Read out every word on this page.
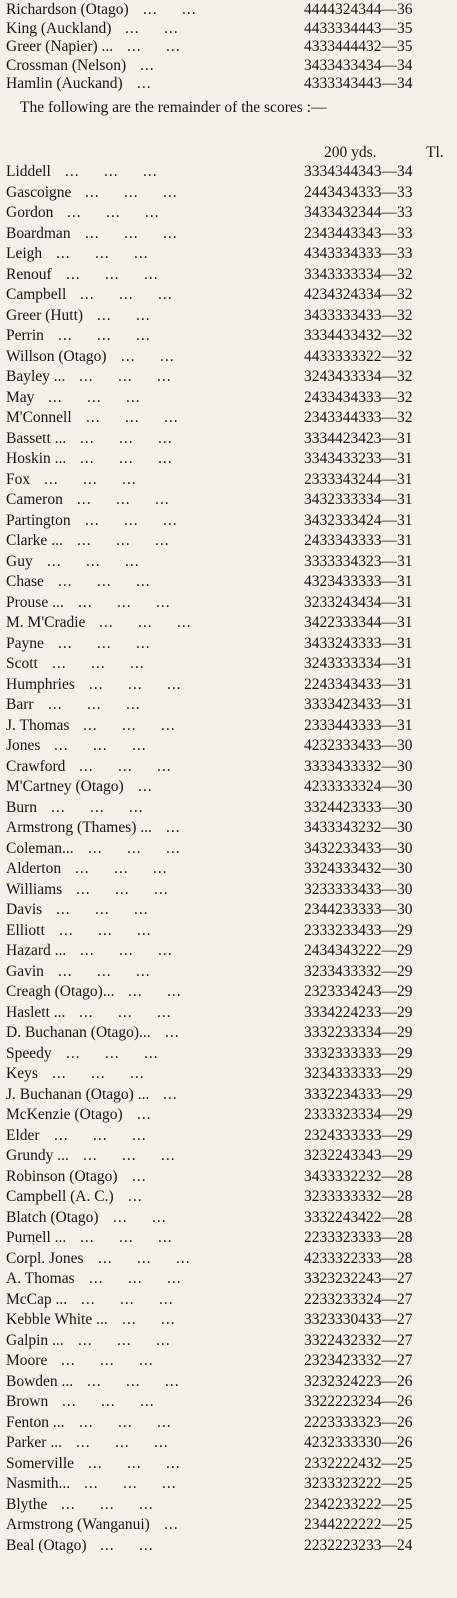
Richardson (Otago) ...     ...	4444324344—36
King (Auckland) ...     ...	4433334443—35
Greer (Napier) ... ...     ...	4333444432—35
Crossman (Nelson) ...	3433433434—34
Hamlin (Auckand) ...	4333343443—34
The following are the remainder of the scores :—
200 yds.	Tl.
Liddell ...     ...     ...	3334344343—34
Gascoigne ...     ...     ...	2443434333—33
Gordon ...     ...     ...	3433432344—33
Boardman ...     ...     ...	2343443343—33
Leigh ...     ...     ...	4343334333—33
Renouf ...     ...     ...	3343333334—32
Campbell ...     ...     ...	4234324334—32
Greer (Hutt) ...     ...	3433333433—32
Perrin ...     ...     ...	3334433432—32
Willson (Otago) ...     ...	4433333322—32
Bayley ... ...     ...     ...	3243433334—32
May ...     ...     ...	2433434333—32
M'Connell ...     ...     ...	2343344333—32
Bassett ... ...     ...     ...	3334423423—31
Hoskin ... ...     ...     ...	3343433233—31
Fox ...     ...     ...	2333343244—31
Cameron ...     ...     ...	3432333334—31
Partington ...     ...     ...	3432333424—31
Clarke ... ...     ...     ...	2433343333—31
Guy ...     ...     ...	3333334323—31
Chase ...     ...     ...	4323433333—31
Prouse ... ...     ...     ...	3233243434—31
M. M'Cradie ...     ...     ...	3422333344—31
Payne ...     ...     ...	3433243333—31
Scott ...     ...     ...	3243333334—31
Humphries ...     ...     ...	2243343433—31
Barr ...     ...     ...	3333423433—31
J. Thomas ...     ...     ...	2333443333—31
Jones ...     ...     ...	4232333433—30
Crawford ...     ...     ...	3333433332—30
M'Cartney (Otago) ...	4233333324—30
Burn ...     ...     ...	3324423333—30
Armstrong (Thames) ... ...	3433343232—30
Coleman... ...     ...     ...	3432233433—30
Alderton ...     ...     ...	3324333432—30
Williams ...     ...     ...	3233333433—30
Davis ...     ...     ...	2344233333—30
Elliott ...     ...     ...	2333233433—29
Hazard ... ...     ...     ...	2434343222—29
Gavin ...     ...     ...	3233433332—29
Creagh (Otago)... ...     ...	2323334243—29
Haslett ... ...     ...     ...	3334224233—29
D. Buchanan (Otago)... ...	3332233334—29
Speedy ...     ...     ...	3332333333—29
Keys ...     ...     ...	3234333333—29
J. Buchanan (Otago) ... ...	3332234333—29
McKenzie (Otago) ...	2333323334—29
Elder ...     ...     ...	2324333333—29
Grundy ... ...     ...     ...	3232243343—29
Robinson (Otago) ...	3433332232—28
Campbell (A. C.) ...	3233333332—28
Blatch (Otago) ...     ...	3332243422—28
Purnell ... ...     ...     ...	2233323333—28
Corpl. Jones ...     ...     ...	4233322333—28
A. Thomas ...     ...     ...	3323232243—27
McCap ... ...     ...     ...	2233233324—27
Kebble White ... ...     ...	3323330433—27
Galpin ... ...     ...     ...	3322432332—27
Moore ...     ...     ...	2323423332—27
Bowden ... ...     ...     ...	3232324223—26
Brown ...     ...     ...	3322223234—26
Fenton ... ...     ...     ...	2223333323—26
Parker ... ...     ...     ...	4232333330—26
Somerville ...     ...     ...	2332222432—25
Nasmith... ...     ...     ...	3233323222—25
Blythe ...     ...     ...	2342233222—25
Armstrong (Wanganui) ...	2344222222—25
Beal (Otago) ...     ...	2232223233—24
